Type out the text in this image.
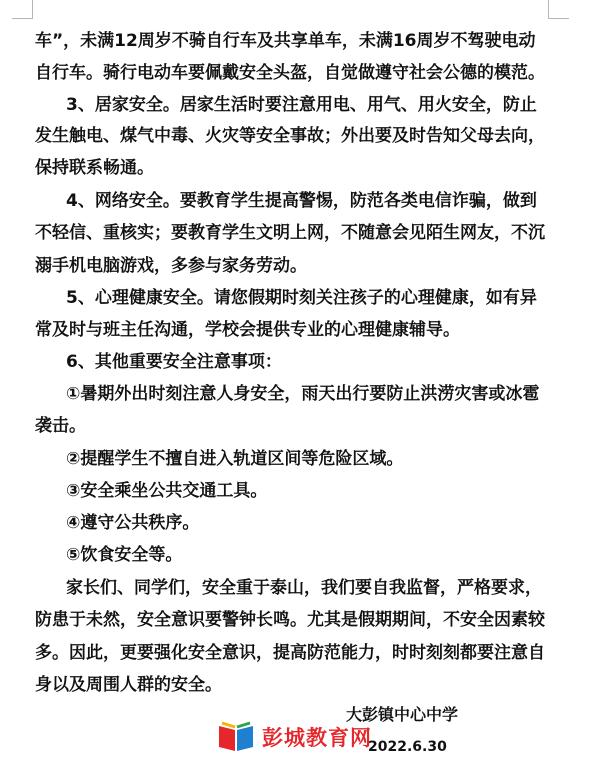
车”，未满12周岁不骑自行车及共享单车，未满16周岁不驾驶电动
自行车。骑行电动车要佩戴安全头盔，自觉做遵守社会公德的模范。
3、居家安全。居家生活时要注意用电、用气、用火安全，防止
发生触电、煤气中毒、火灾等安全事故；外出要及时告知父母去向，
保持联系畅通。
4、网络安全。要教育学生提高警惕，防范各类电信诈骗，做到
不轻信、重核实；要教育学生文明上网，不随意会见陌生网友，不沉
溺手机电脑游戏，多参与家务劳动。
5、心理健康安全。请您假期时刻关注孩子的心理健康，如有异
常及时与班主任沟通，学校会提供专业的心理健康辅导。
6、其他重要安全注意事项：
①暑期外出时刻注意人身安全，雨天出行要防止洪涝灾害或冰雹
袭击。
②提醒学生不擅自进入轨道区间等危险区域。
③安全乘坐公共交通工具。
④遵守公共秩序。
⑤饮食安全等。
家长们、同学们，安全重于泰山，我们要自我监督，严格要求，
防患于未然，安全意识要警钟长鸣。尤其是假期期间，不安全因素较
多。因此，更要强化安全意识，提高防范能力，时时刻刻都要注意自
身以及周围人群的安全。
大彭镇中心中学
彭城教育网
2022.6.30
